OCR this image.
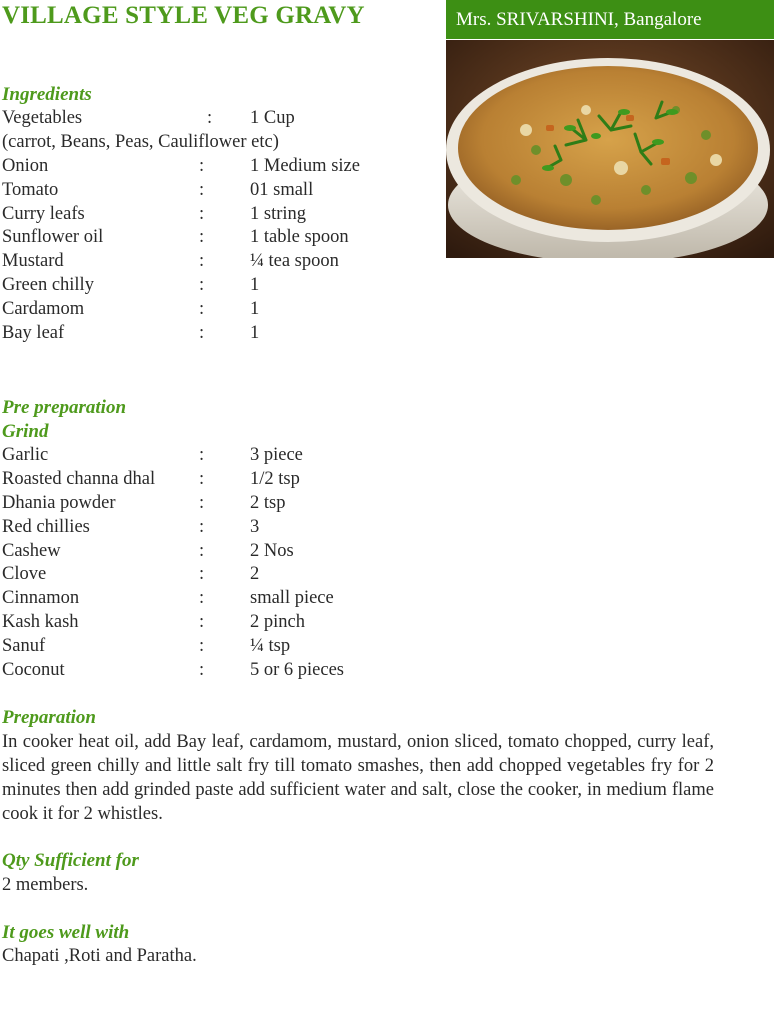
VILLAGE STYLE VEG GRAVY	Mrs. SRIVARSHINI, Bangalore
Ingredients
Vegetables	: 1 Cup
(carrot, Beans, Peas, Cauliflower etc)
Onion	: 1 Medium size
Tomato	: 01 small
Curry leafs	: 1 string
Sunflower oil	: 1 table spoon
Mustard	: ¼ tea spoon
Green chilly	: 1
Cardamom	: 1
Bay leaf	: 1
Pre preparation
Grind
Garlic	: 3 piece
Roasted channa dhal : 1/2 tsp
Dhania powder	: 2 tsp
Red chillies	: 3
Cashew	: 2 Nos
Clove	: 2
Cinnamon	: small piece
Kash kash	: 2 pinch
Sanuf	: ¼ tsp
Coconut	: 5 or 6 pieces
Preparation

In cooker heat oil, add Bay leaf, cardamom, mustard, onion sliced, tomato chopped, curry leaf, sliced green chilly and little salt fry till tomato smashes, then add chopped vegetables fry for 2 minutes then add grinded paste add sufficient water and salt, close the cooker, in medium flame cook it for 2 whistles.

Qty Sufficient for

2 members.

It goes well with

Chapati ,Roti and Paratha.
